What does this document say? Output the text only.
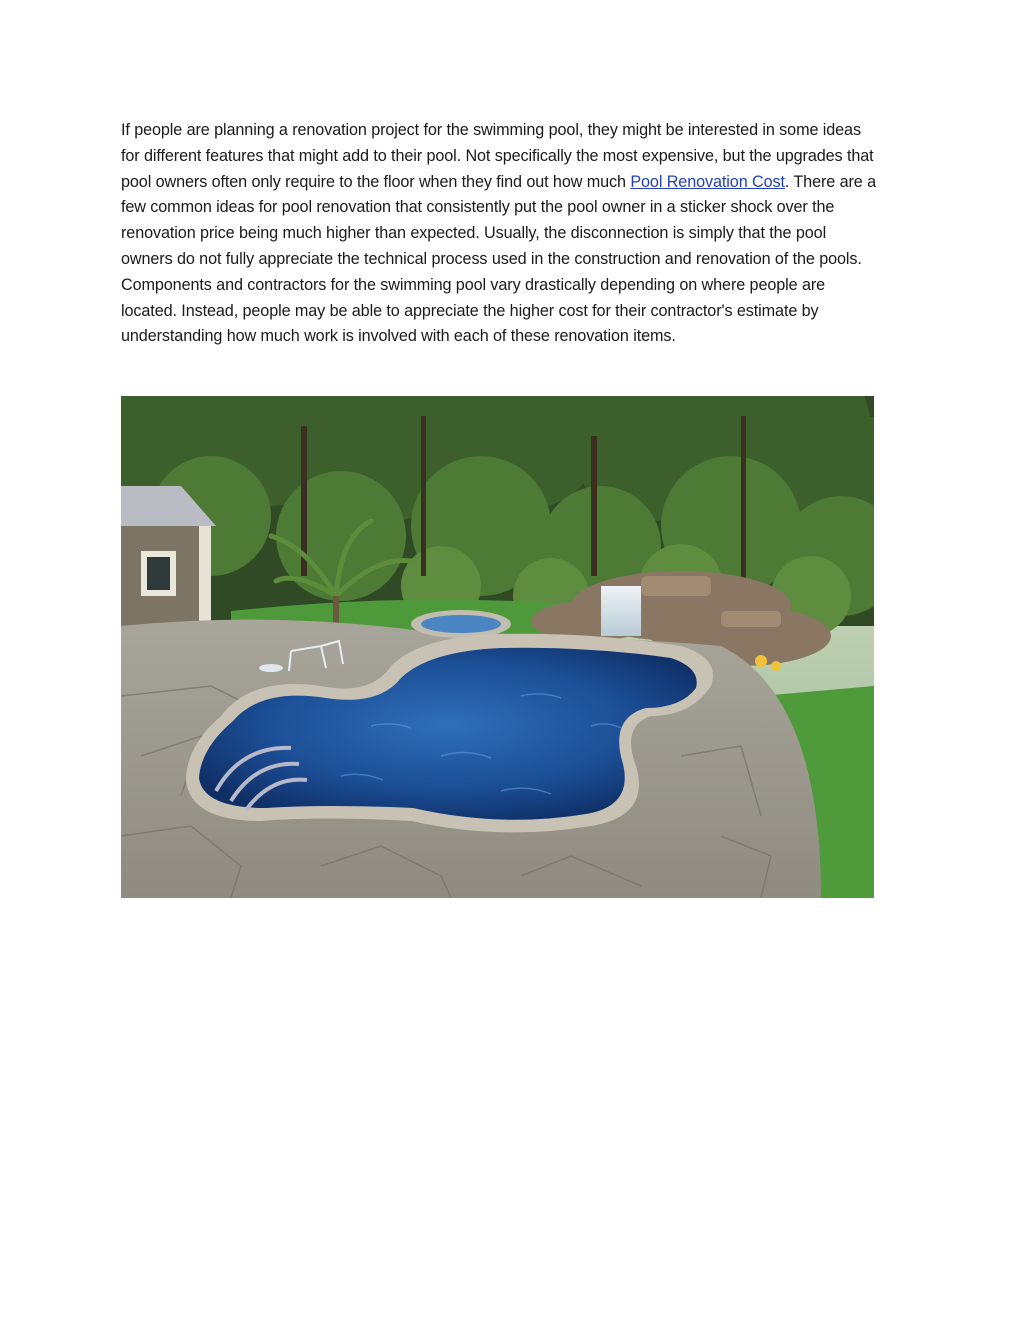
If people are planning a renovation project for the swimming pool, they might be interested in some ideas for different features that might add to their pool. Not specifically the most expensive, but the upgrades that pool owners often only require to the floor when they find out how much Pool Renovation Cost. There are a few common ideas for pool renovation that consistently put the pool owner in a sticker shock over the renovation price being much higher than expected. Usually, the disconnection is simply that the pool owners do not fully appreciate the technical process used in the construction and renovation of the pools. Components and contractors for the swimming pool vary drastically depending on where people are located. Instead, people may be able to appreciate the higher cost for their contractor's estimate by understanding how much work is involved with each of these renovation items.
